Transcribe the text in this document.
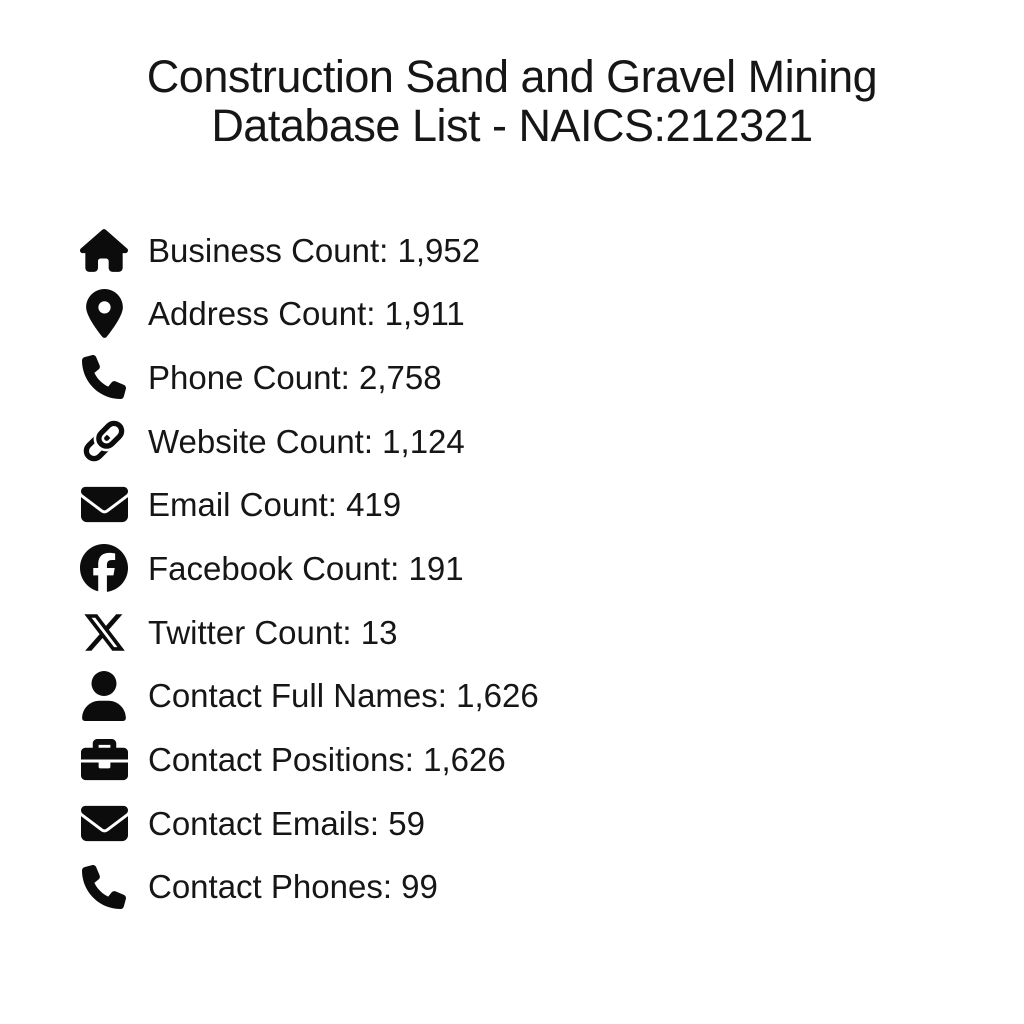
Construction Sand and Gravel Mining
Database List - NAICS:212321
Business Count: 1,952
Address Count: 1,911
Phone Count: 2,758
Website Count: 1,124
Email Count: 419
Facebook Count: 191
Twitter Count: 13
Contact Full Names: 1,626
Contact Positions: 1,626
Contact Emails: 59
Contact Phones: 99
